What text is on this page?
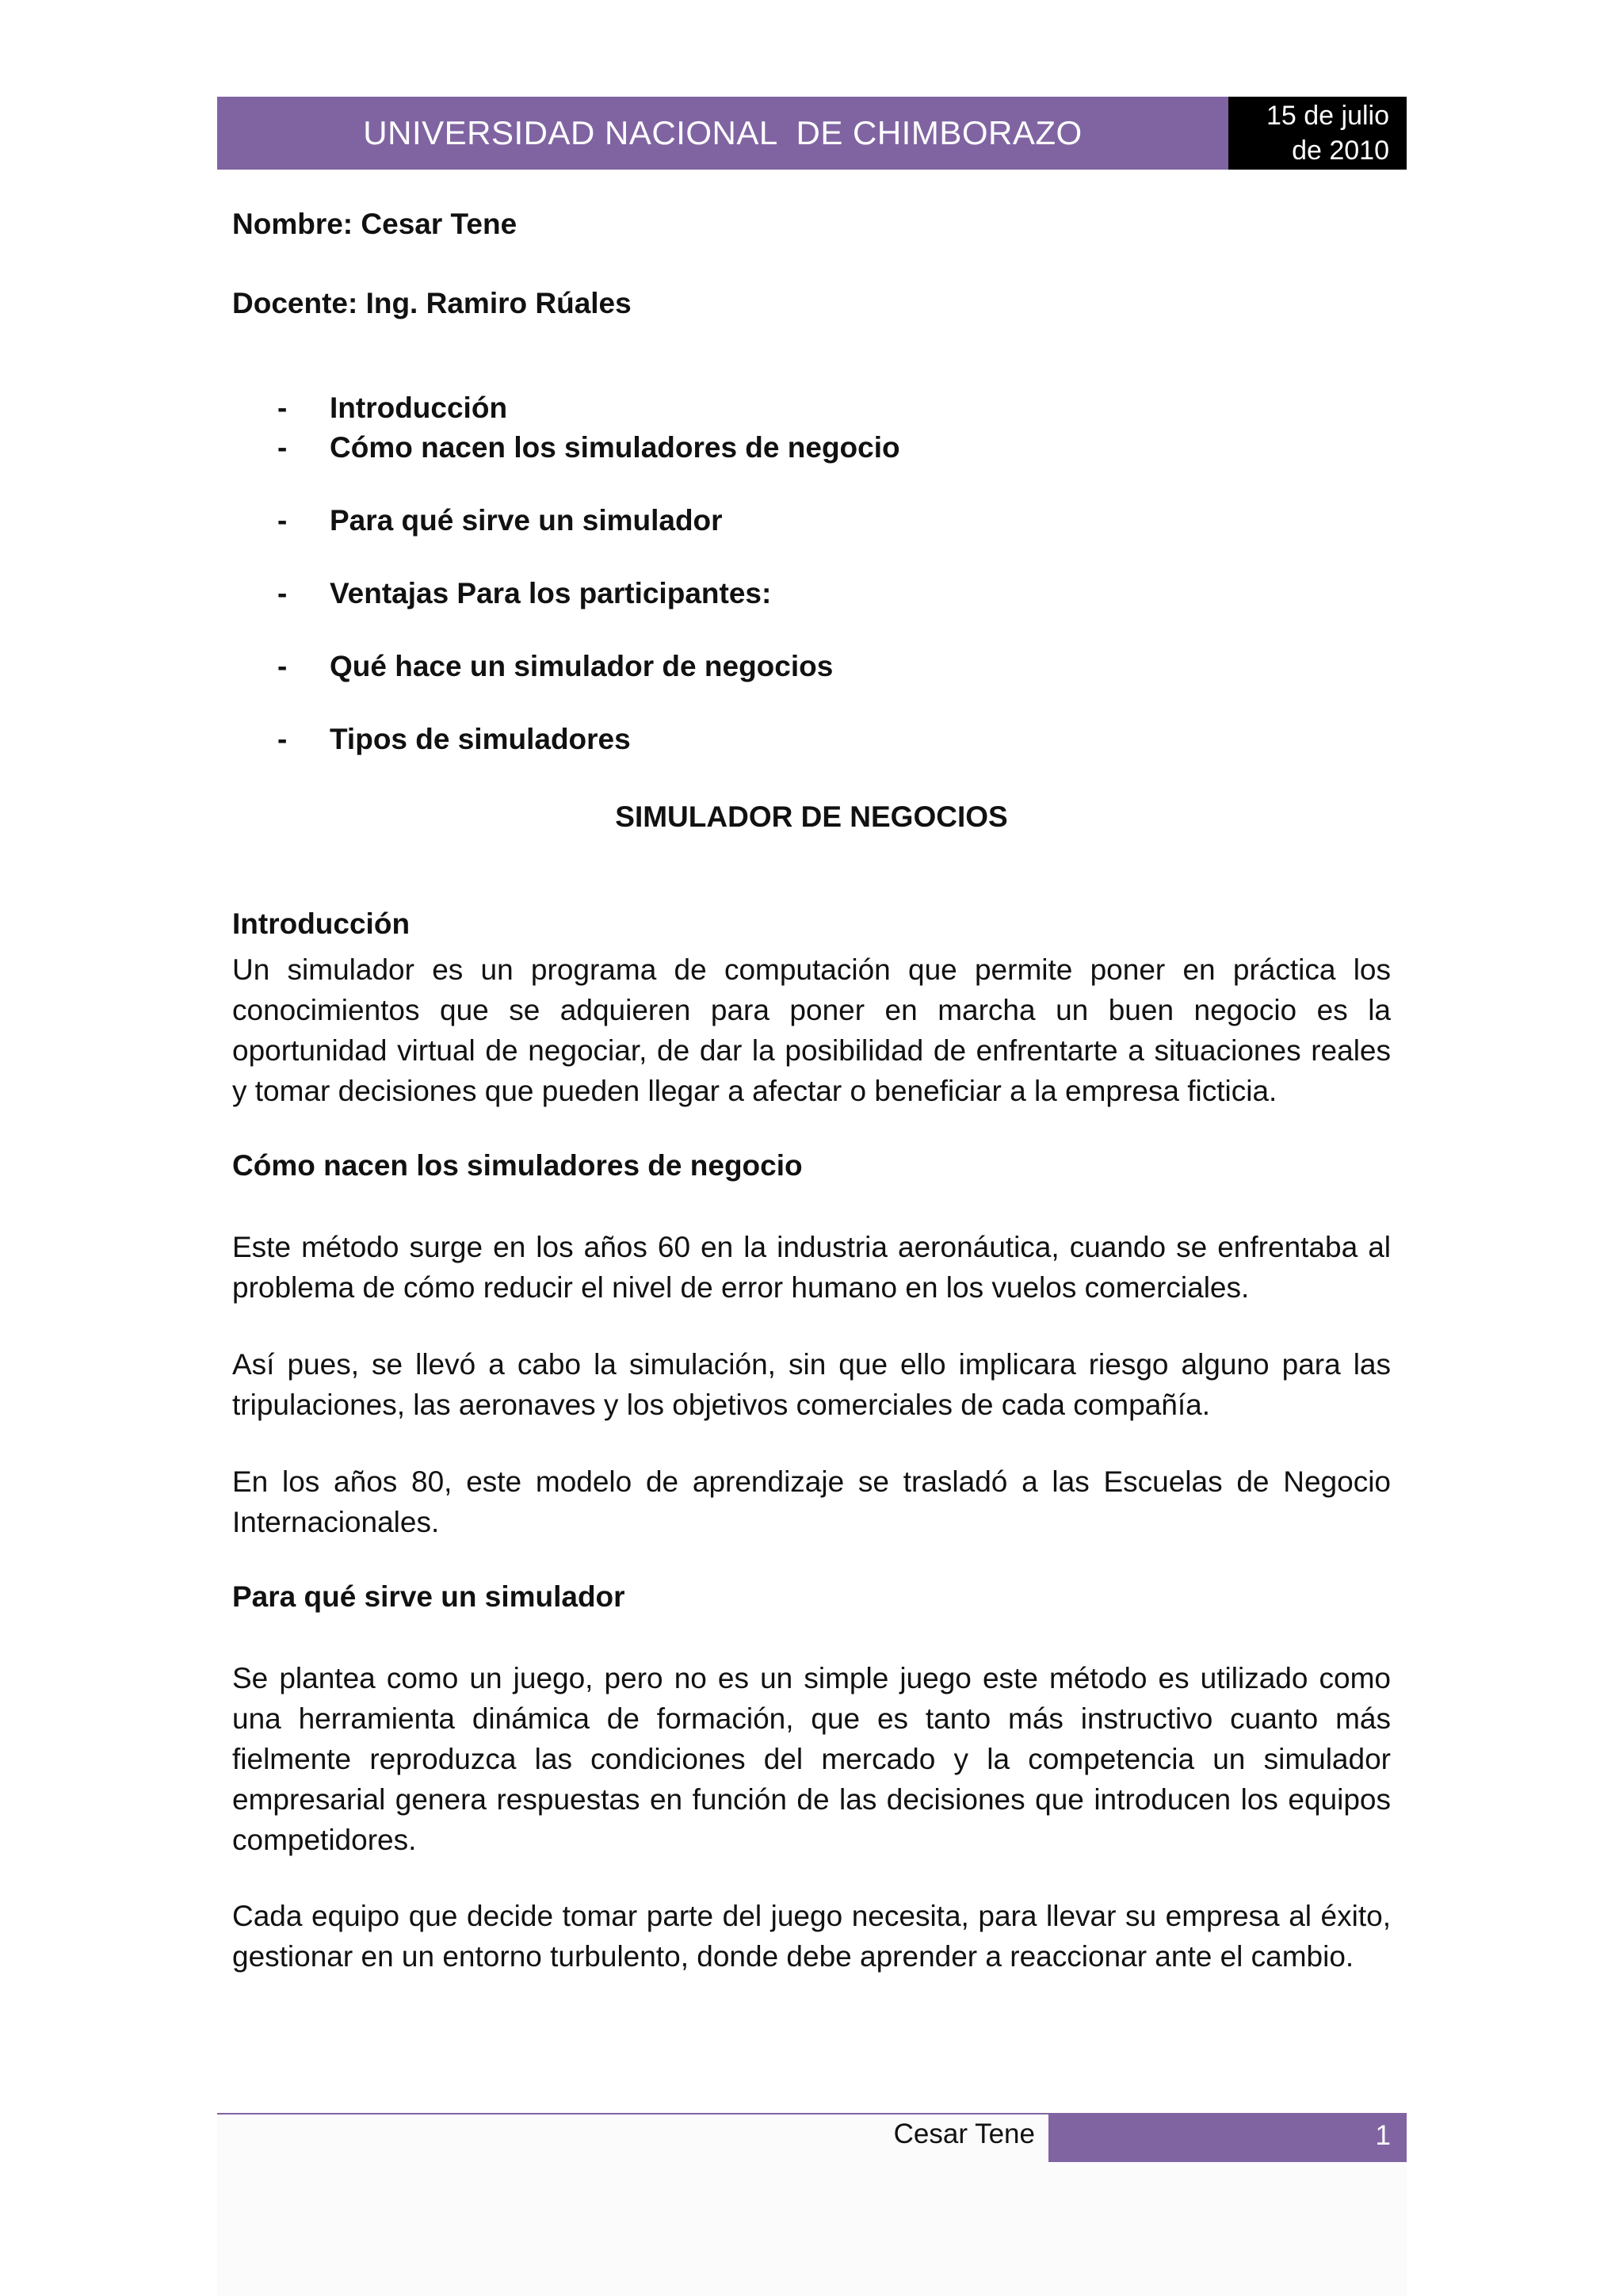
UNIVERSIDAD NACIONAL  DE CHIMBORAZO	15 de julio
de 2010
Nombre: Cesar Tene
Docente: Ing. Ramiro Rúales
- Introducción
- Cómo nacen los simuladores de negocio
- Para qué sirve un simulador
- Ventajas Para los participantes:
- Qué hace un simulador de negocios
- Tipos de simuladores
SIMULADOR DE NEGOCIOS
Introducción
Un simulador es un programa de computación que permite poner en práctica los conocimientos que se adquieren para poner en marcha un buen negocio es la oportunidad virtual de negociar, de dar la posibilidad de enfrentarte a situaciones reales y tomar decisiones que pueden llegar a afectar o beneficiar a la empresa ficticia.
Cómo nacen los simuladores de negocio
Este método surge en los años 60 en la industria aeronáutica, cuando se enfrentaba al problema de cómo reducir el nivel de error humano en los vuelos comerciales.
Así pues, se llevó a cabo la simulación, sin que ello implicara riesgo alguno para las tripulaciones, las aeronaves y los objetivos comerciales de cada compañía.
En los años 80, este modelo de aprendizaje se trasladó a las Escuelas de Negocio Internacionales.
Para qué sirve un simulador
Se plantea como un juego, pero no es un simple juego este método es utilizado como una herramienta dinámica de formación, que es tanto más instructivo cuanto más fielmente reproduzca las condiciones del mercado y la competencia un simulador empresarial genera respuestas en función de las decisiones que introducen los equipos competidores.
Cada equipo que decide tomar parte del juego necesita, para llevar su empresa al éxito, gestionar en un entorno turbulento, donde debe aprender a reaccionar ante el cambio.
Cesar Tene	1
